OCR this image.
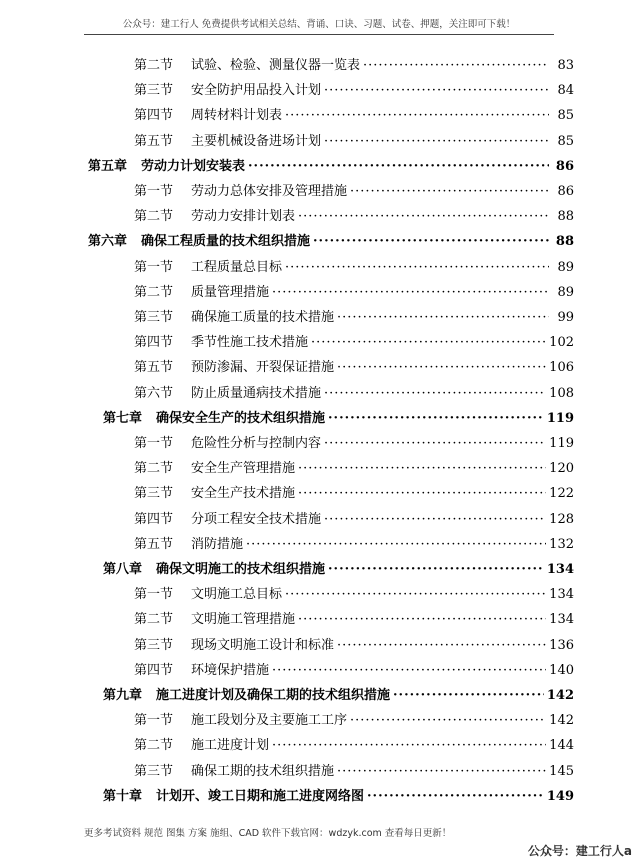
公众号：建工行人 免费提供考试相关总结、背诵、口诀、习题、试卷、押题，关注即可下载！
第二节 试验、检验、测量仪器一览表 ·····	83
第三节 安全防护用品投入计划 ·····	84
第四节 周转材料计划表 ·····	85
第五节 主要机械设备进场计划 ·····	85
第五章 劳动力计划安装表 ·····	86
第一节 劳动力总体安排及管理措施 ·····	86
第二节 劳动力安排计划表 ·····	88
第六章 确保工程质量的技术组织措施 ·····	88
第一节 工程质量总目标 ·····	89
第二节 质量管理措施 ·····	89
第三节 确保施工质量的技术措施 ·····	99
第四节 季节性施工技术措施 ·····	102
第五节 预防渗漏、开裂保证措施 ·····	106
第六节 防止质量通病技术措施 ·····	108
第七章 确保安全生产的技术组织措施 ·····	119
第一节 危险性分析与控制内容 ·····	119
第二节 安全生产管理措施 ·····	120
第三节 安全生产技术措施 ·····	122
第四节 分项工程安全技术措施 ·····	128
第五节 消防措施 ·····	132
第八章 确保文明施工的技术组织措施 ·····	134
第一节 文明施工总目标 ·····	134
第二节 文明施工管理措施 ·····	134
第三节 现场文明施工设计和标准 ·····	136
第四节 环境保护措施 ·····	140
第九章 施工进度计划及确保工期的技术组织措施 ·····	142
第一节 施工段划分及主要施工工序 ·····	142
第二节 施工进度计划 ·····	144
第三节 确保工期的技术组织措施 ·····	145
第十章 计划开、竣工日期和施工进度网络图 ·····	149
更多考试资料 规范 图集 方案 施组、CAD 软件下载官网：wdzyk.com 查看每日更新！
公众号：建工行人a
